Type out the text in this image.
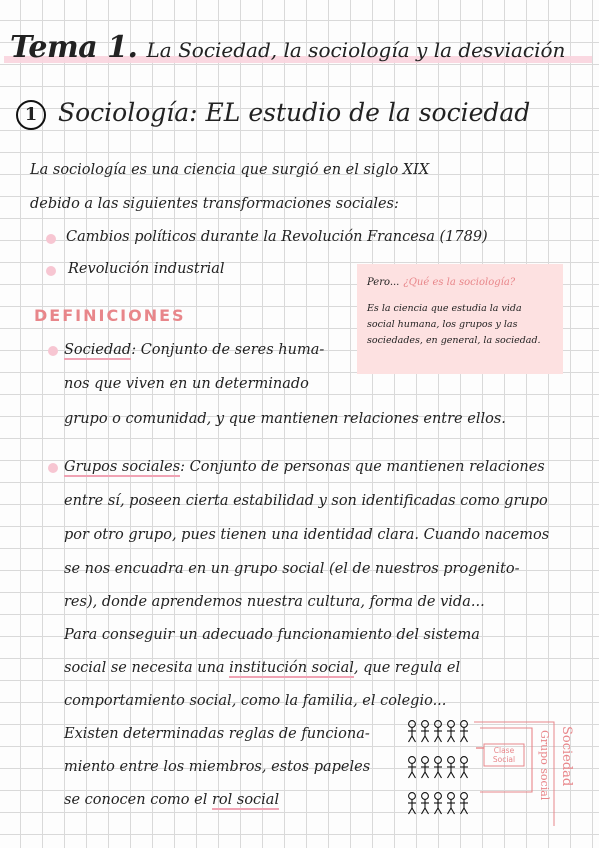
Tema 1. La Sociedad, la sociología y la desviación
1 Sociología: EL estudio de la sociedad
La sociología es una ciencia que surgió en el siglo XIX
debido a las siguientes transformaciones sociales:
Cambios políticos durante la Revolución Francesa (1789)
Revolución industrial
Pero... ¿Qué es la sociología?
Es la ciencia que estudia la vida
social humana, los grupos y las
sociedades, en general, la sociedad.
DEFINICIONES
Sociedad: Conjunto de seres huma-
nos que viven en un determinado
grupo o comunidad, y que mantienen relaciones entre ellos.
Grupos sociales: Conjunto de personas que mantienen relaciones
entre sí, poseen cierta estabilidad y son identificadas como grupo
por otro grupo, pues tienen una identidad clara. Cuando nacemos
se nos encuadra en un grupo social (el de nuestros progenito-
res), donde aprendemos nuestra cultura, forma de vida...
Para conseguir un adecuado funcionamiento del sistema
social se necesita una institución social, que regula el
comportamiento social, como la familia, el colegio...
Existen determinadas reglas de funciona-
miento entre los miembros, estos papeles
se conocen como el rol social
Clase
Social Grupo social Sociedad
